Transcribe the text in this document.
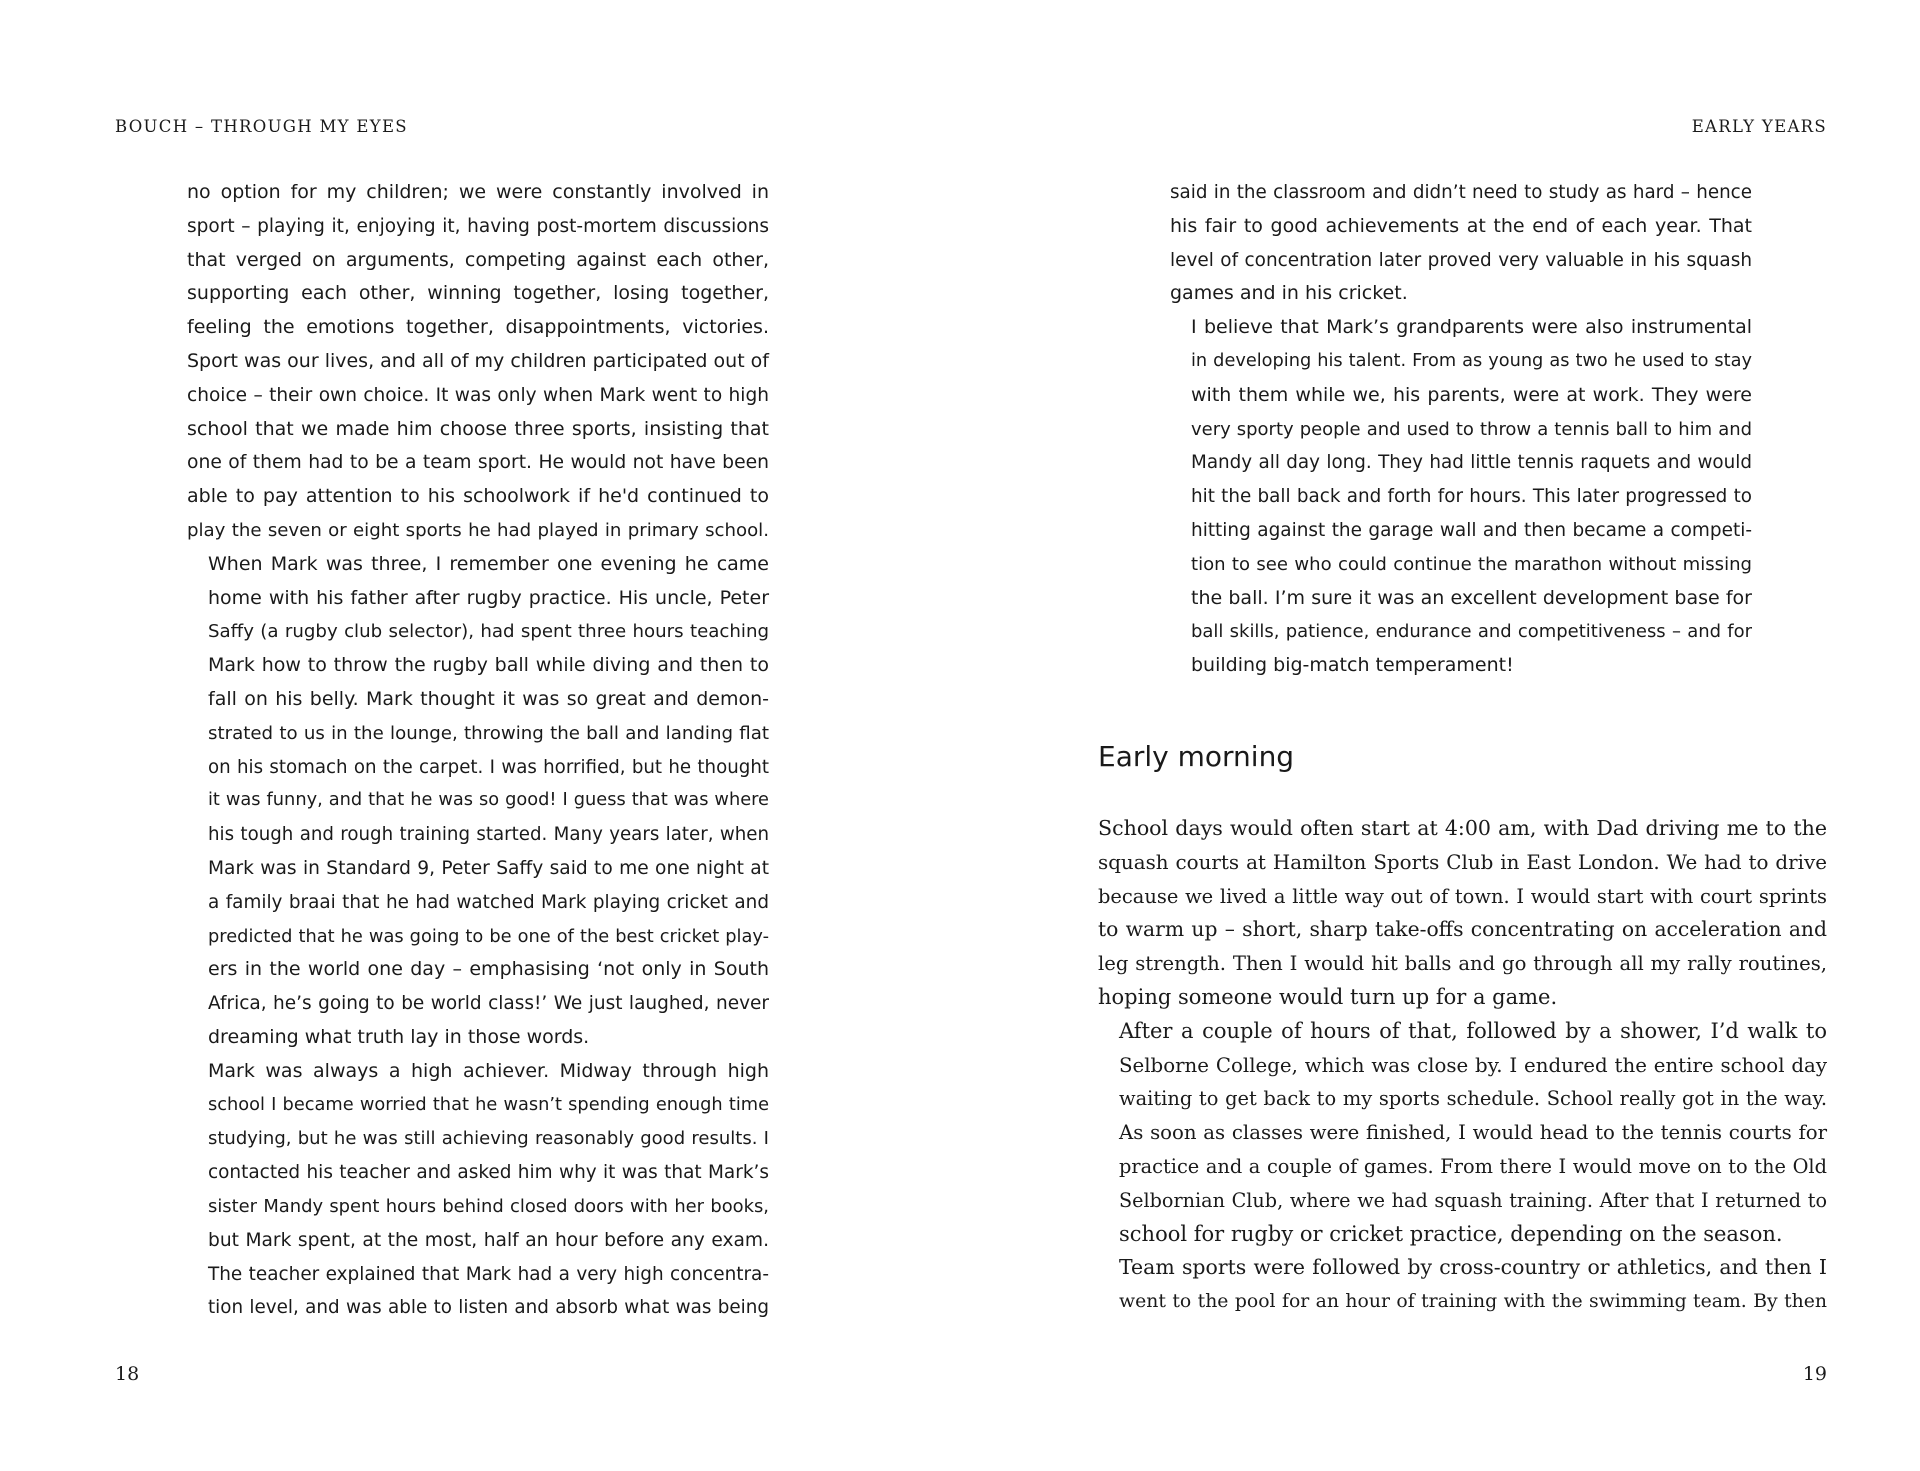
BOUCH – THROUGH MY EYES

no option for my children; we were constantly involved in
sport – playing it, enjoying it, having post-mortem discussions
that verged on arguments, competing against each other,
supporting each other, winning together, losing together,
feeling the emotions together, disappointments, victories.
Sport was our lives, and all of my children participated out of
choice – their own choice. It was only when Mark went to high
school that we made him choose three sports, insisting that
one of them had to be a team sport. He would not have been
able to pay attention to his schoolwork if he'd continued to
play the seven or eight sports he had played in primary school.

When Mark was three, I remember one evening he came
home with his father after rugby practice. His uncle, Peter
Saffy (a rugby club selector), had spent three hours teaching
Mark how to throw the rugby ball while diving and then to
fall on his belly. Mark thought it was so great and demon-
strated to us in the lounge, throwing the ball and landing flat
on his stomach on the carpet. I was horrified, but he thought
it was funny, and that he was so good! I guess that was where
his tough and rough training started. Many years later, when
Mark was in Standard 9, Peter Saffy said to me one night at
a family braai that he had watched Mark playing cricket and
predicted that he was going to be one of the best cricket play-
ers in the world one day – emphasising ‘not only in South
Africa, he’s going to be world class!’ We just laughed, never
dreaming what truth lay in those words.

Mark was always a high achiever. Midway through high
school I became worried that he wasn’t spending enough time
studying, but he was still achieving reasonably good results. I
contacted his teacher and asked him why it was that Mark’s
sister Mandy spent hours behind closed doors with her books,
but Mark spent, at the most, half an hour before any exam.
The teacher explained that Mark had a very high concentra-
tion level, and was able to listen and absorb what was being

18
EARLY YEARS

said in the classroom and didn’t need to study as hard – hence
his fair to good achievements at the end of each year. That
level of concentration later proved very valuable in his squash
games and in his cricket.

I believe that Mark’s grandparents were also instrumental
in developing his talent. From as young as two he used to stay
with them while we, his parents, were at work. They were
very sporty people and used to throw a tennis ball to him and
Mandy all day long. They had little tennis raquets and would
hit the ball back and forth for hours. This later progressed to
hitting against the garage wall and then became a competi-
tion to see who could continue the marathon without missing
the ball. I’m sure it was an excellent development base for
ball skills, patience, endurance and competitiveness – and for
building big-match temperament!

Early morning

School days would often start at 4:00 am, with Dad driving me to the
squash courts at Hamilton Sports Club in East London. We had to drive
because we lived a little way out of town. I would start with court sprints
to warm up – short, sharp take-offs concentrating on acceleration and
leg strength. Then I would hit balls and go through all my rally routines,
hoping someone would turn up for a game.

After a couple of hours of that, followed by a shower, I’d walk to
Selborne College, which was close by. I endured the entire school day
waiting to get back to my sports schedule. School really got in the way.
As soon as classes were finished, I would head to the tennis courts for
practice and a couple of games. From there I would move on to the Old
Selbornian Club, where we had squash training. After that I returned to
school for rugby or cricket practice, depending on the season.

Team sports were followed by cross-country or athletics, and then I
went to the pool for an hour of training with the swimming team. By then

19
